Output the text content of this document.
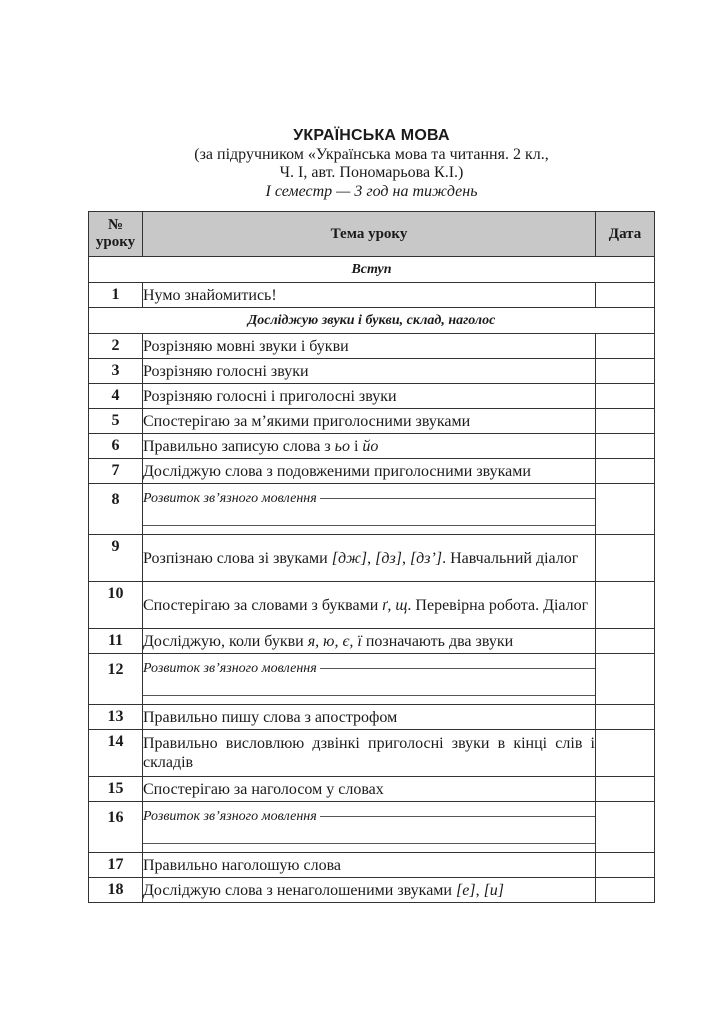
УКРАЇНСЬКА МОВА
(за підручником «Українська мова та читання. 2 кл.,
Ч. І, авт. Пономарьова К.І.)
І семестр — 3 год на тиждень
№
уроку	Тема уроку	Дата
Вступ		
1	Нумо знайомитись!	
Досліджую звуки і букви, склад, наголос		
2	Розрізняю мовні звуки і букви	
3	Розрізняю голосні звуки	
4	Розрізняю голосні і приголосні звуки	
5	Спостерігаю за м’якими приголосними звуками	
6	Правильно записую слова з ьо і йо	
7	Досліджую слова з подовженими приголосними звуками	
8	Розвиток зв’язного мовлення	

9	Розпізнаю слова зі звуками [дж], [дз], [дз’]. Навчальний діалог	
10	Спостерігаю за словами з буквами ґ, щ. Перевірна робота. Діалог	
11	Досліджую, коли букви я, ю, є, ї позначають два звуки	
12	Розвиток зв’язного мовлення	

13	Правильно пишу слова з апострофом	
14	Правильно висловлюю дзвінкі приголосні звуки в кінці слів і складів	
15	Спостерігаю за наголосом у словах	
16	Розвиток зв’язного мовлення	

17	Правильно наголошую слова	
18	Досліджую слова з ненаголошеними звуками [е], [и]	
